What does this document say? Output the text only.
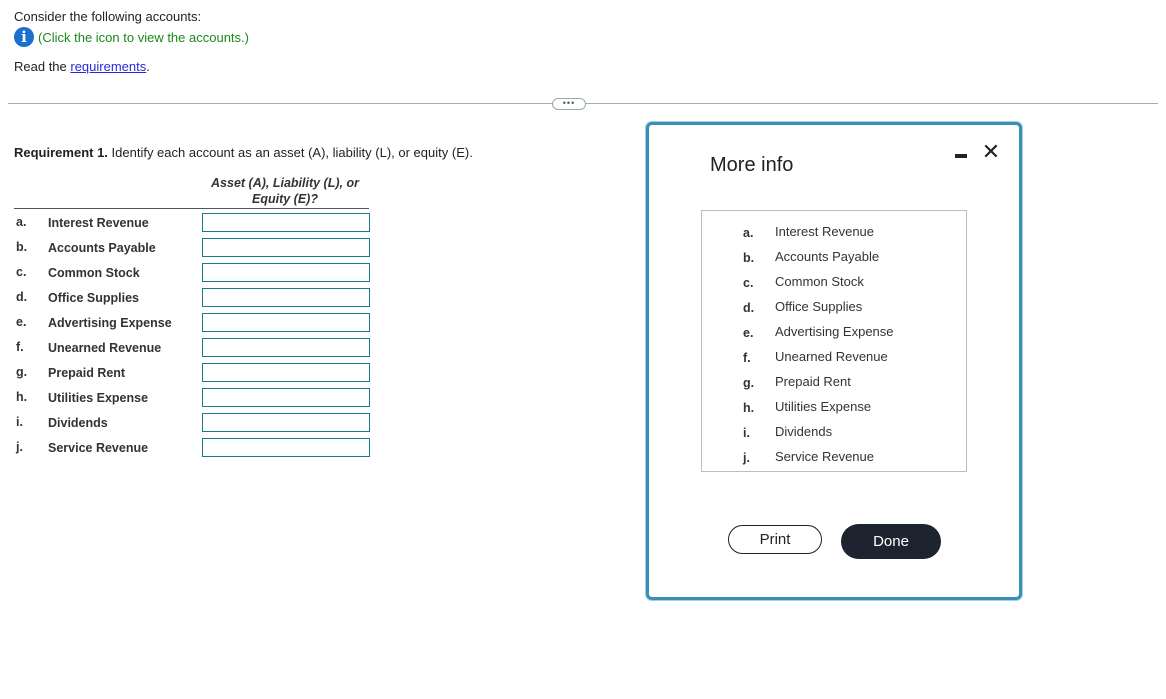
Consider the following accounts:
i (Click the icon to view the accounts.)
Read the requirements.
•••
Requirement 1. Identify each account as an asset (A), liability (L), or equity (E).
Asset (A), Liability (L), or Equity (E)?
a. Interest Revenue
b. Accounts Payable
c. Common Stock
d. Office Supplies
e. Advertising Expense
f. Unearned Revenue
g. Prepaid Rent
h. Utilities Expense
i. Dividends
j. Service Revenue
More info
✕
a. Interest Revenue
b. Accounts Payable
c. Common Stock
d. Office Supplies
e. Advertising Expense
f. Unearned Revenue
g. Prepaid Rent
h. Utilities Expense
i. Dividends
j. Service Revenue
Print	Done
